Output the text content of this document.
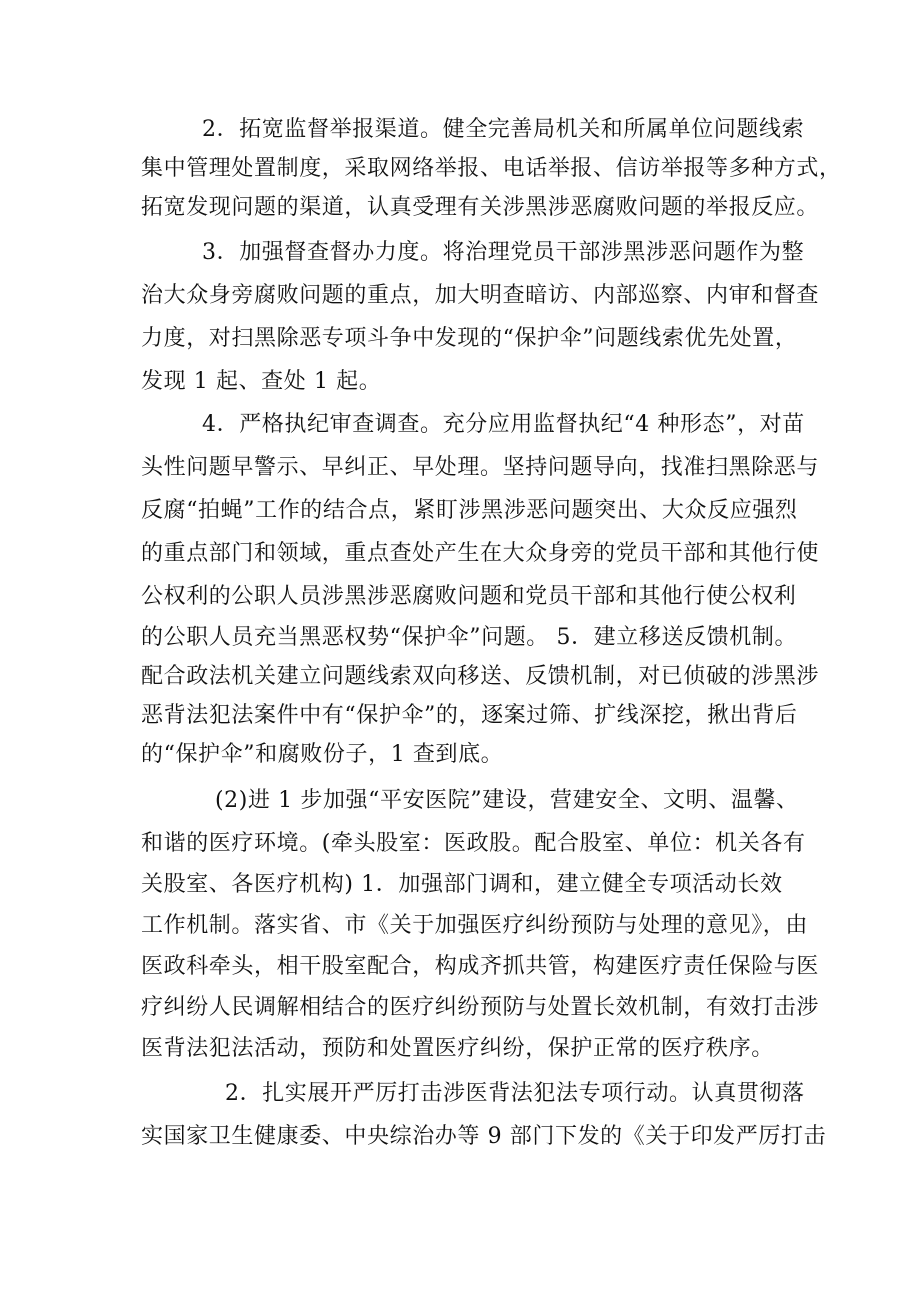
2．拓宽监督举报渠道。健全完善局机关和所属单位问题线索
集中管理处置制度，采取网络举报、电话举报、信访举报等多种方式，
拓宽发现问题的渠道，认真受理有关涉黑涉恶腐败问题的举报反应。
3．加强督查督办力度。将治理党员干部涉黑涉恶问题作为整
治大众身旁腐败问题的重点，加大明查暗访、内部巡察、内审和督查
力度，对扫黑除恶专项斗争中发现的“保护伞”问题线索优先处置，
发现 1 起、查处 1 起。
4．严格执纪审查调查。充分应用监督执纪“4 种形态”，对苗
头性问题早警示、早纠正、早处理。坚持问题导向，找准扫黑除恶与
反腐“拍蝇”工作的结合点，紧盯涉黑涉恶问题突出、大众反应强烈
的重点部门和领域，重点查处产生在大众身旁的党员干部和其他行使
公权利的公职人员涉黑涉恶腐败问题和党员干部和其他行使公权利
的公职人员充当黑恶权势“保护伞”问题。 5．建立移送反馈机制。
配合政法机关建立问题线索双向移送、反馈机制，对已侦破的涉黑涉
恶背法犯法案件中有“保护伞”的，逐案过筛、扩线深挖，揪出背后
的“保护伞”和腐败份子，1 查到底。
(2)进 1 步加强“平安医院”建设，营建安全、文明、温馨、
和谐的医疗环境。(牵头股室：医政股。配合股室、单位：机关各有
关股室、各医疗机构) 1．加强部门调和，建立健全专项活动长效
工作机制。落实省、市《关于加强医疗纠纷预防与处理的意见》，由
医政科牵头，相干股室配合，构成齐抓共管，构建医疗责任保险与医
疗纠纷人民调解相结合的医疗纠纷预防与处置长效机制，有效打击涉
医背法犯法活动，预防和处置医疗纠纷，保护正常的医疗秩序。
2．扎实展开严厉打击涉医背法犯法专项行动。认真贯彻落
实国家卫生健康委、中央综治办等 9 部门下发的《关于印发严厉打击
